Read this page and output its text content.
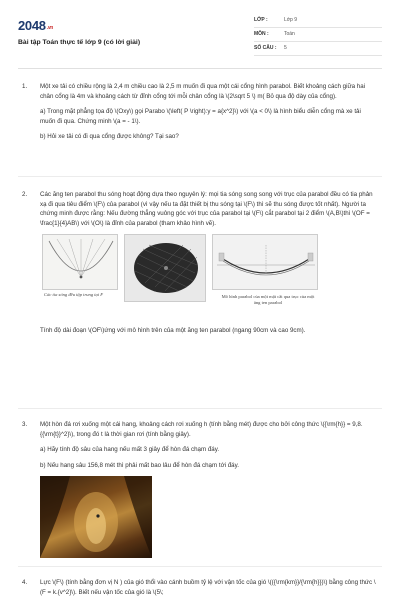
2048.vn
Bài tập Toán thực tế lớp 9 (có lời giải)
LỚP :	Lớp 9
MÔN :	Toán
SỐ CÂU :	5
1.	Một xe tải có chiều rộng là 2,4 m chiều cao là 2,5 m muốn đi qua một cái cổng hình parabol. Biết khoảng cách giữa hai chân cổng là 4m và khoảng cách từ đỉnh cổng tới mỗi chân cổng là \(2\sqrt 5 \) m( Bỏ qua độ dày của cổng).

a) Trong mặt phẳng tọa độ \(Oxy\) gọi Parabo \(\left( P \right):y = a{x^2}\) với \(a < 0\) là hình biểu diễn cổng mà xe tải muốn đi qua. Chứng minh \(a = - 1\).

b) Hỏi xe tải có đi qua cổng được không? Tại sao?

2.	Các ăng ten parabol thu sóng hoạt động dựa theo nguyên lý: mọi tia sóng song song với trục của parabol đều có tia phản xạ đi qua tiêu điểm \(F\) của parabol (vì vậy nếu ta đặt thiết bị thu sóng tại \(F\) thì sẽ thu sóng được tốt nhất). Người ta chứng minh được rằng: Nếu đường thẳng vuông góc với trục của parabol tại \(F\) cắt parabol tại 2 điểm \(A,B\)thì \(OF = \frac{1}{4}AB\) với \(O\) là đỉnh của parabol (tham khảo hình vẽ).

Các tia sóng đều tập trung tại F	Mô hình parabol của một mặt cắt qua trục của một ăng ten parabol

Tính độ dài đoạn \(OF\)ứng với mô hình trên của một ăng ten parabol (ngang 90cm và cao 9cm).

3.	Một hòn đá rơi xuống một cái hang, khoảng cách rơi xuống h (tính bằng mét) được cho bởi công thức \({\rm{h}} = 9,8.{{\rm{t}}^2}\), trong đó t là thời gian rơi (tính bằng giây).

a) Hãy tính độ sâu của hang nếu mất 3 giây để hòn đá chạm đáy.

b) Nếu hang sâu 156,8 mét thì phải mất bao lâu để hòn đá chạm tới đáy.

4.	Lực \(F\) (tính bằng đơn vị N ) của gió thổi vào cánh buồm tỷ lệ với vận tốc của gió \(({\rm{km}}/{\rm{h}})\) bằng công thức \(F = k.{v^2}\). Biết nếu vận tốc của gió là \(5\;
